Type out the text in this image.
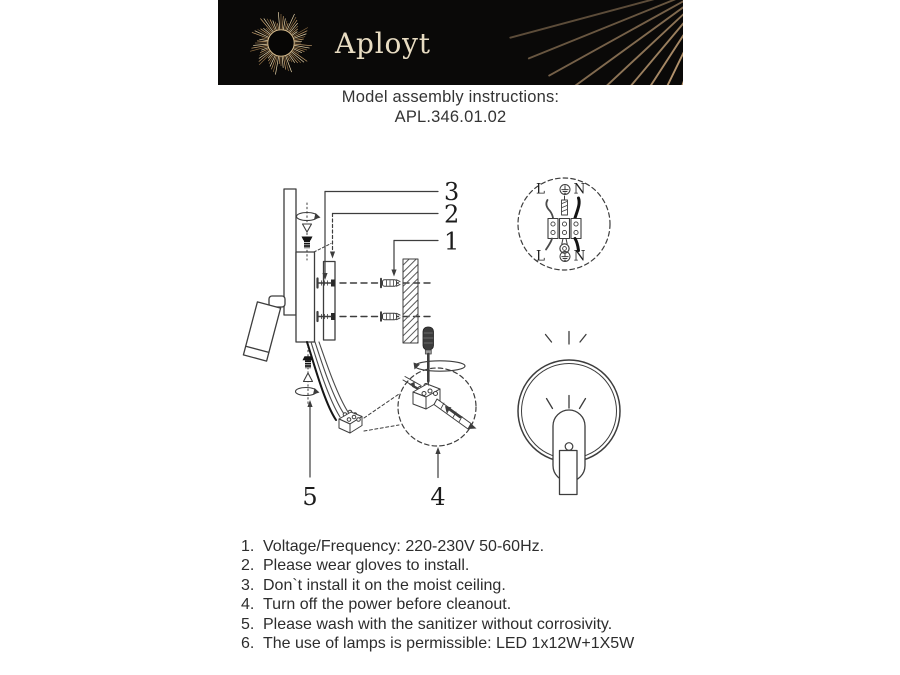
Aployt
Model assembly instructions:
APL.346.01.02
3
2
1
5	4
L N
L N
1. Voltage/Frequency: 220-230V 50-60Hz.
2. Please wear gloves to install.
3. Don`t install it on the moist ceiling.
4. Turn off the power before cleanout.
5. Please wash with the sanitizer without corrosivity.
6. The use of lamps is permissible: LED 1x12W+1X5W
